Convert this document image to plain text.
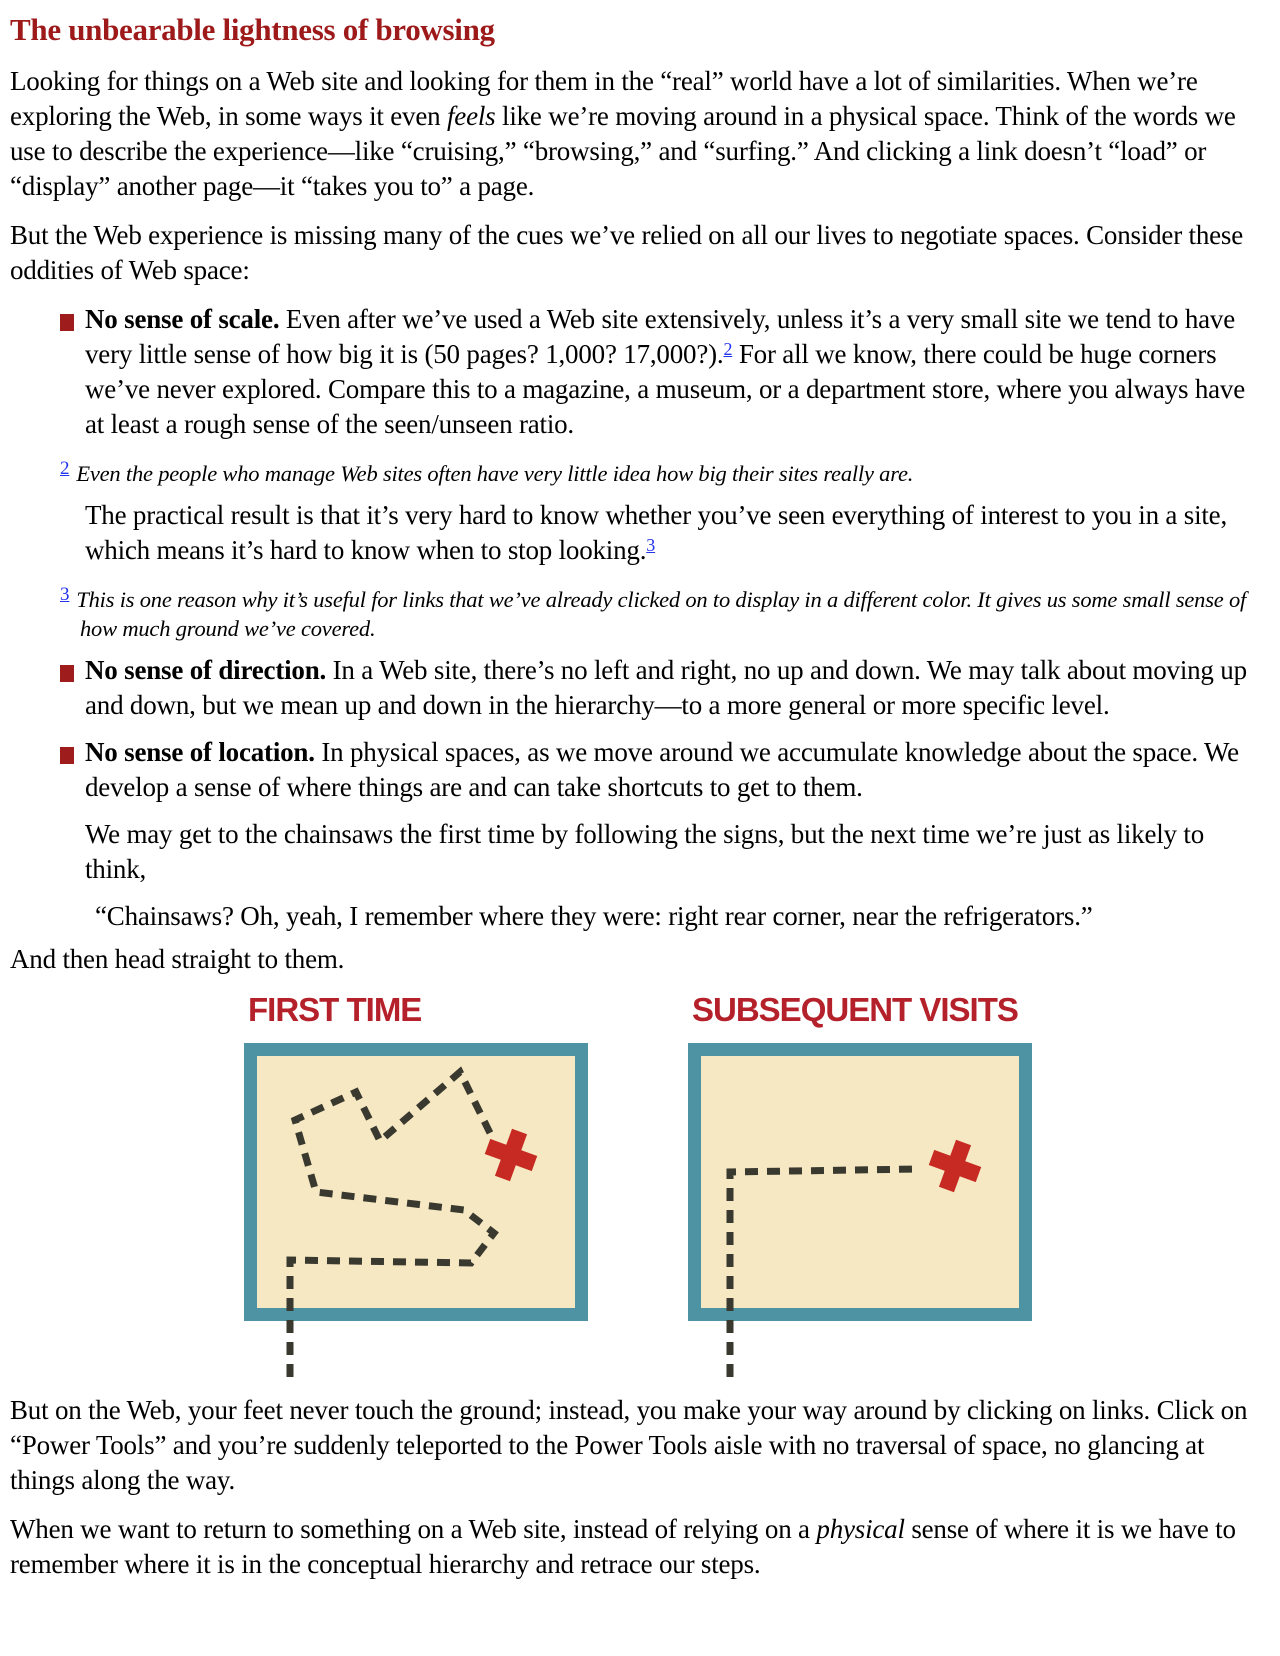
The unbearable lightness of browsing

Looking for things on a Web site and looking for them in the “real” world have a lot of similarities. When we’re exploring the Web, in some ways it even feels like we’re moving around in a physical space. Think of the words we use to describe the experience—like “cruising,” “browsing,” and “surfing.” And clicking a link doesn’t “load” or “display” another page—it “takes you to” a page.

But the Web experience is missing many of the cues we’ve relied on all our lives to negotiate spaces. Consider these oddities of Web space:

No sense of scale. Even after we’ve used a Web site extensively, unless it’s a very small site we tend to have very little sense of how big it is (50 pages? 1,000? 17,000?).$^2$ For all we know, there could be huge corners we’ve never explored. Compare this to a magazine, a museum, or a department store, where you always have at least a rough sense of the seen/unseen ratio.
$^2$ Even the people who manage Web sites often have very little idea how big their sites really are.

The practical result is that it’s very hard to know whether you’ve seen everything of interest to you in a site, which means it’s hard to know when to stop looking.$^3$

$^3$ This is one reason why it’s useful for links that we’ve already clicked on to display in a different color. It gives us some small sense of how much ground we’ve covered.
No sense of direction. In a Web site, there’s no left and right, no up and down. We may talk about moving up and down, but we mean up and down in the hierarchy—to a more general or more specific level.
No sense of location. In physical spaces, as we move around we accumulate knowledge about the space. We develop a sense of where things are and can take shortcuts to get to them.

We may get to the chainsaws the first time by following the signs, but the next time we’re just as likely to think,

“Chainsaws? Oh, yeah, I remember where they were: right rear corner, near the refrigerators.”

And then head straight to them.

FIRST TIME	SUBSEQUENT VISITS

But on the Web, your feet never touch the ground; instead, you make your way around by clicking on links. Click on “Power Tools” and you’re suddenly teleported to the Power Tools aisle with no traversal of space, no glancing at things along the way.

When we want to return to something on a Web site, instead of relying on a physical sense of where it is we have to remember where it is in the conceptual hierarchy and retrace our steps.
